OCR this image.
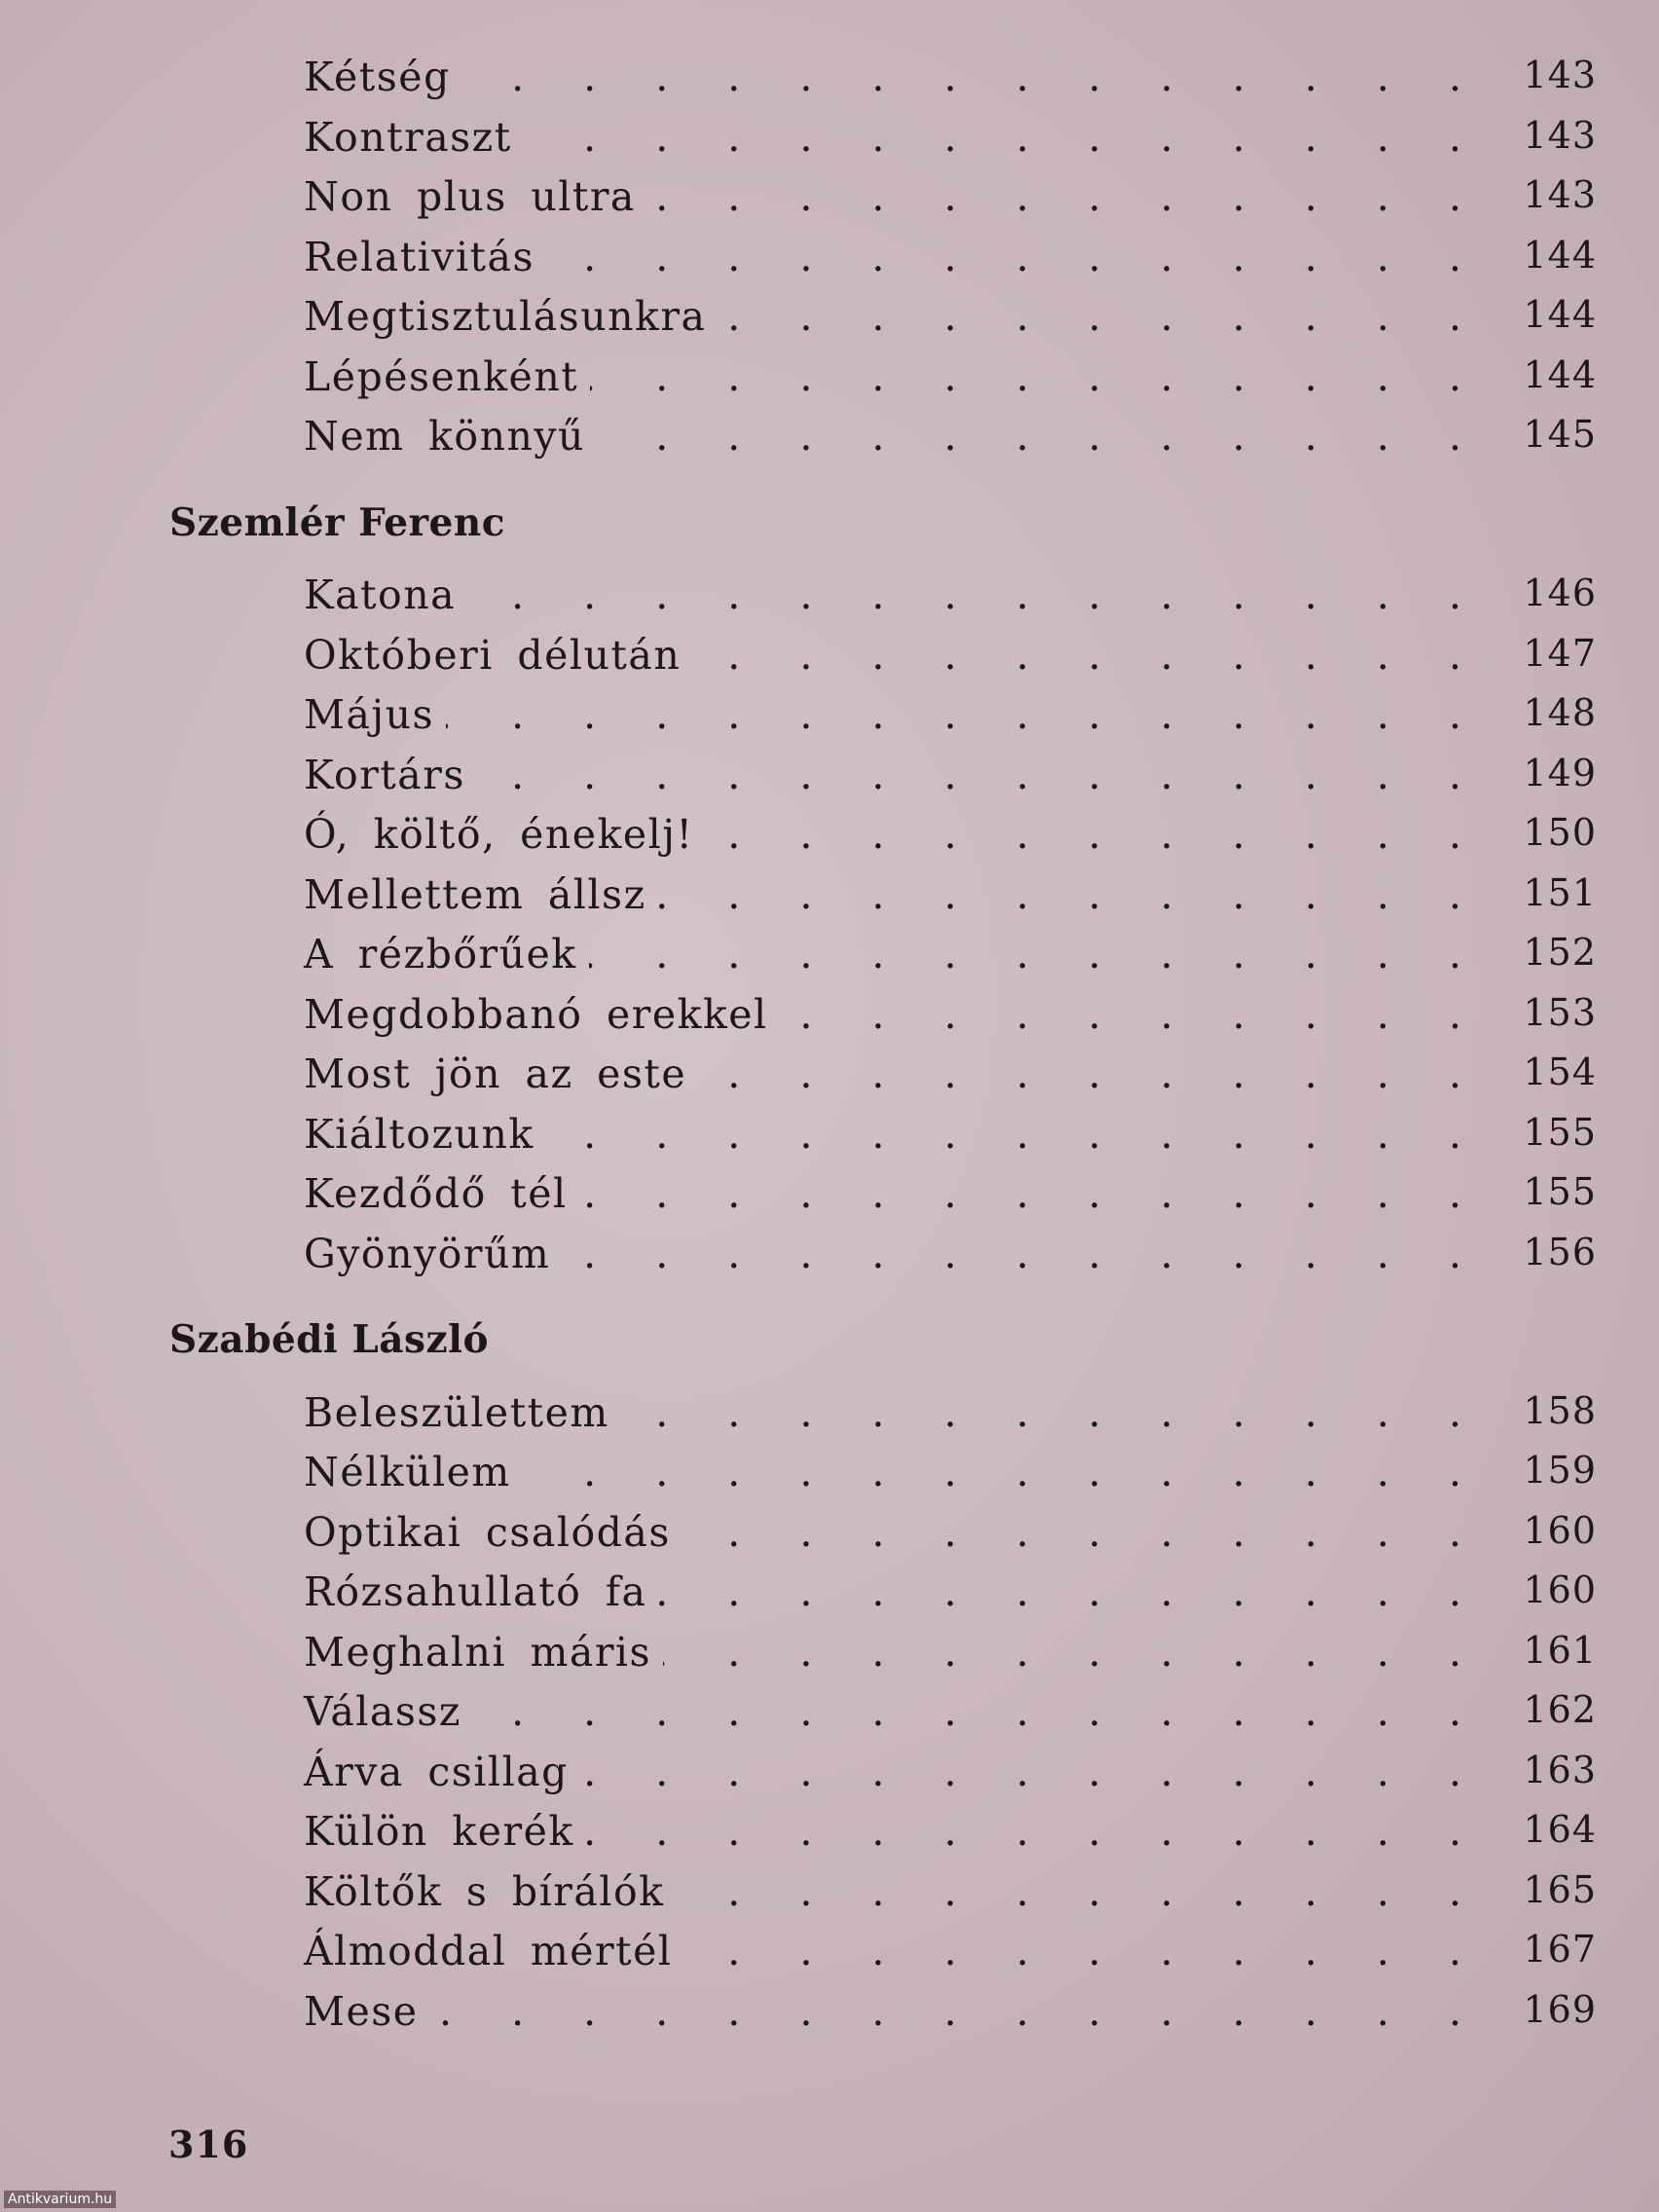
. . .
Kétség	143
. . .
Kontraszt	143
. . .
Non plus ultra	143
. . .
Relativitás	144
. . .
Megtisztulásunkra	144
. . .
Lépésenként	144
. . .
Nem könnyű	145
Szemlér Ferenc
. . .
Katona	146
. . .
Októberi délután	147
. . .
Május	148
. . .
Kortárs	149
. . .
Ó, költő, énekelj!	150
. . .
Mellettem állsz	151
. . .
A rézbőrűek	152
. . .
Megdobbanó erekkel	153
. . .
Most jön az este	154
. . .
Kiáltozunk	155
. . .
Kezdődő tél	155
. . .
Gyönyörűm	156
Szabédi László
. . .
Beleszülettem	158
. . .
Nélkülem	159
. . .
Optikai csalódás	160
. . .
Rózsahullató fa	160
. . .
Meghalni máris	161
. . .
Válassz	162
. . .
Árva csillag	163
. . .
Külön kerék	164
. . .
Költők s bírálók	165
. . .
Álmoddal mértél	167
. . .
Mese	169
316
Antikvarium.hu
